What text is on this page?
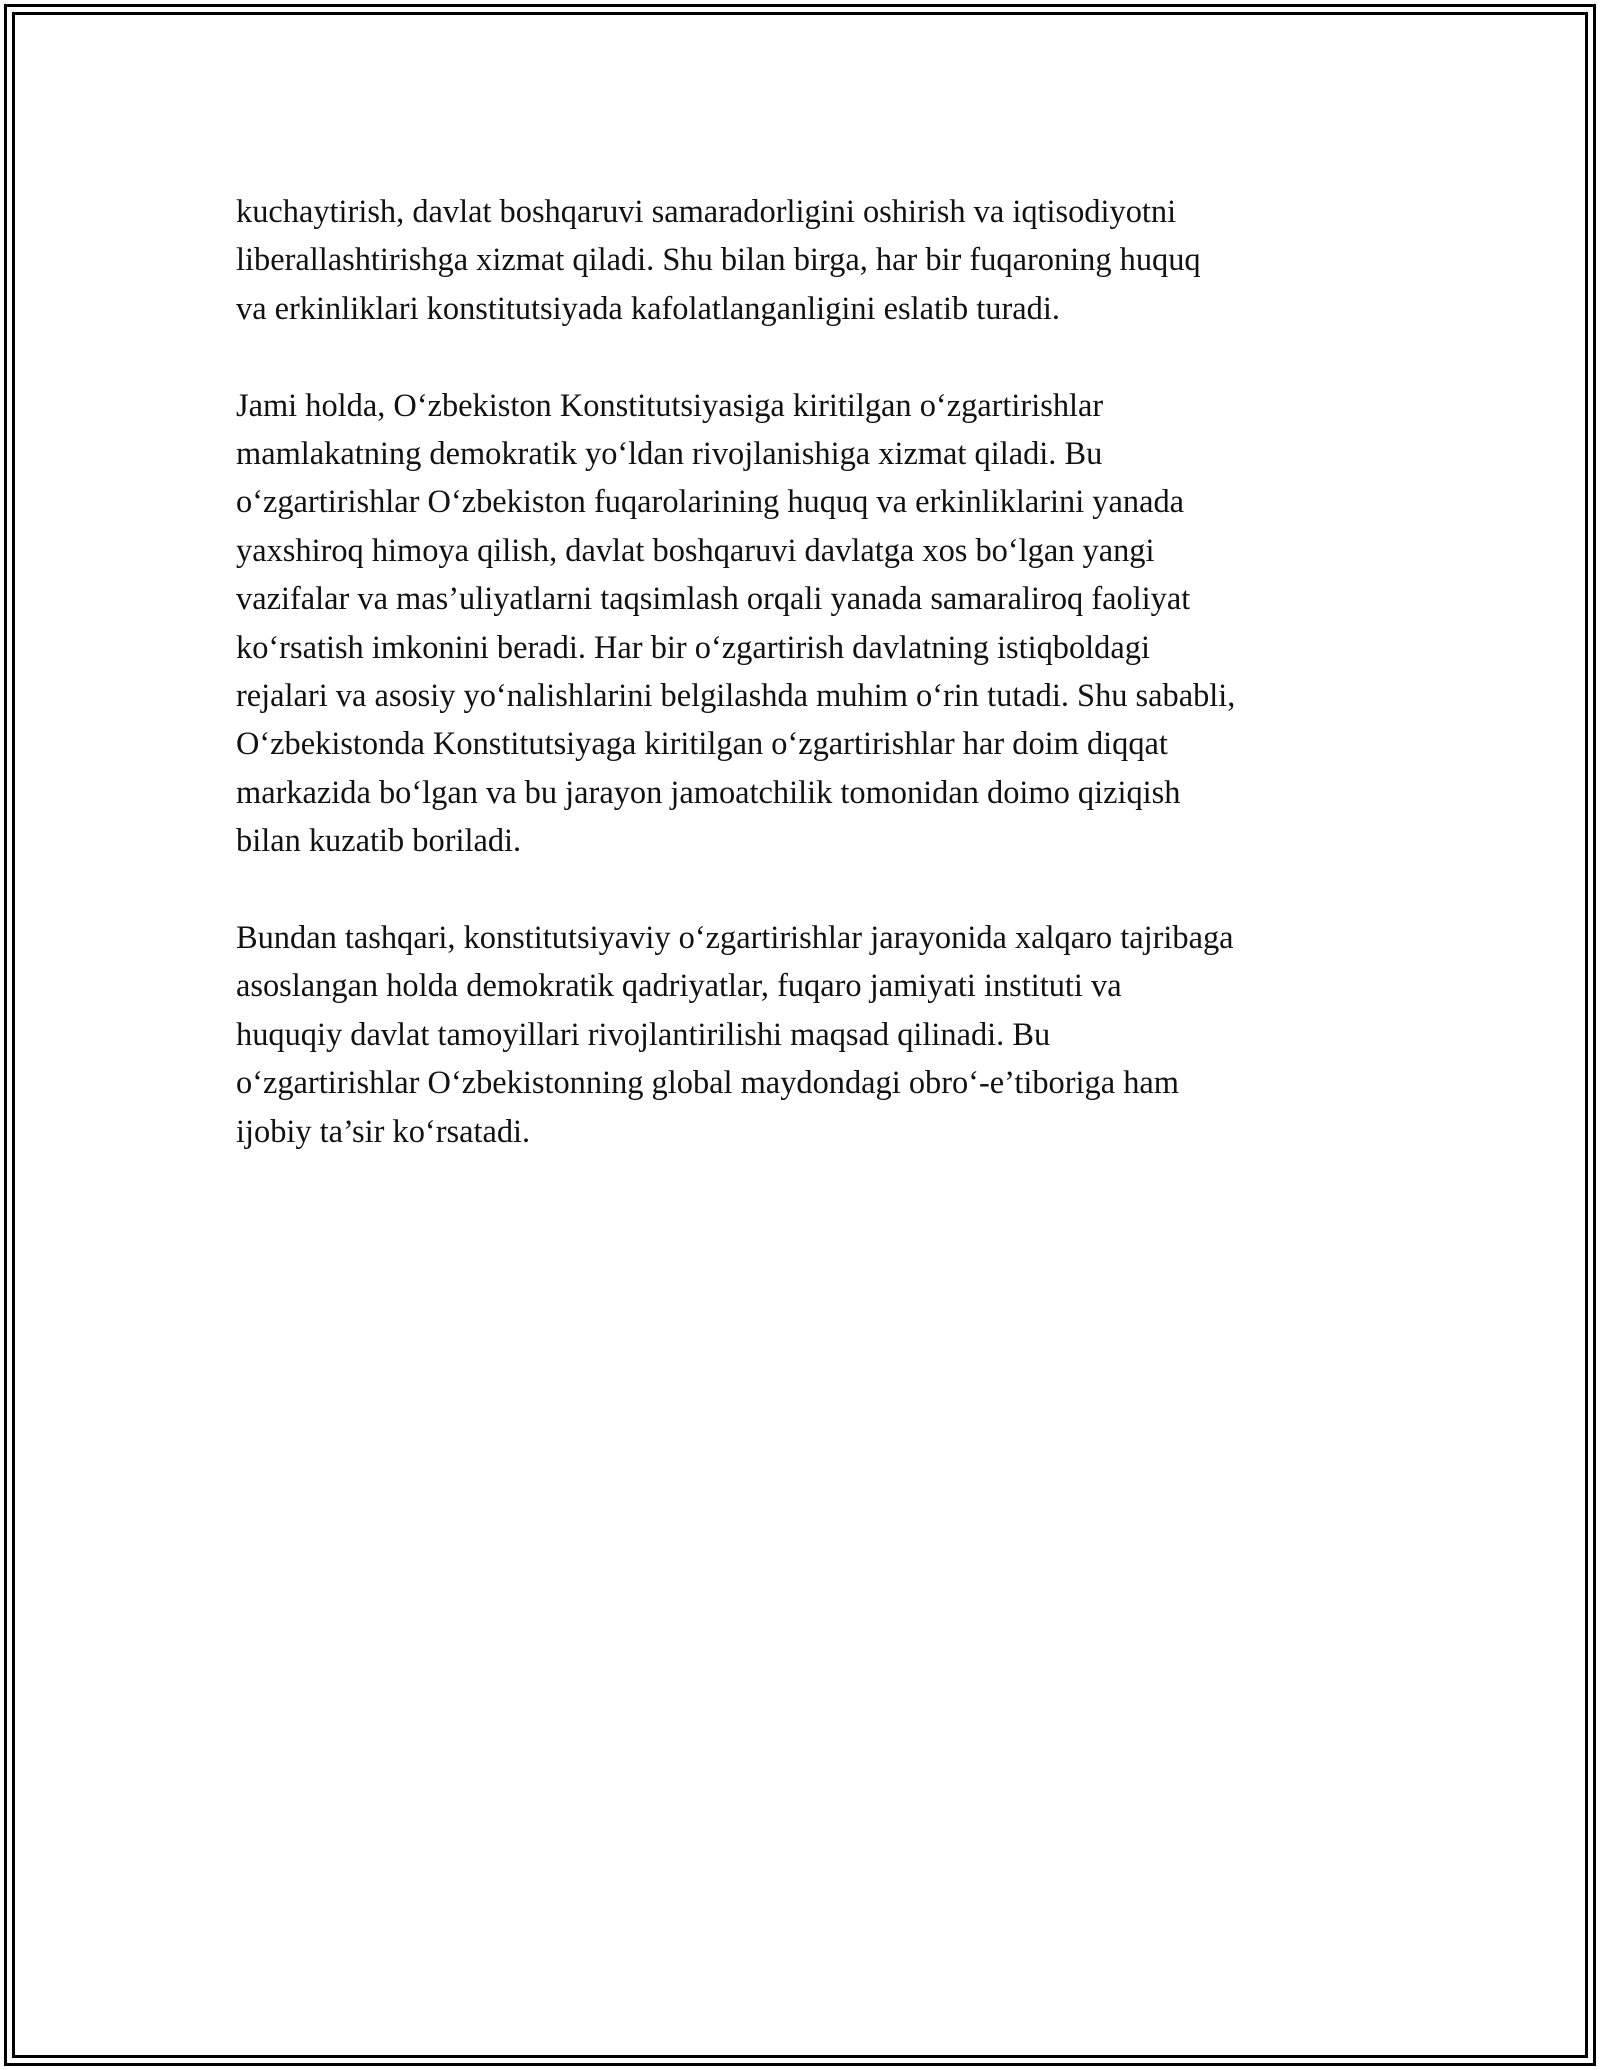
kuchaytirish, davlat boshqaruvi samaradorligini oshirish va iqtisodiyotni
liberallashtirishga xizmat qiladi. Shu bilan birga, har bir fuqaroning huquq
va erkinliklari konstitutsiyada kafolatlanganligini eslatib turadi.

Jami holda, O‘zbekiston Konstitutsiyasiga kiritilgan o‘zgartirishlar
mamlakatning demokratik yo‘ldan rivojlanishiga xizmat qiladi. Bu
o‘zgartirishlar O‘zbekiston fuqarolarining huquq va erkinliklarini yanada
yaxshiroq himoya qilish, davlat boshqaruvi davlatga xos bo‘lgan yangi
vazifalar va mas’uliyatlarni taqsimlash orqali yanada samaraliroq faoliyat
ko‘rsatish imkonini beradi. Har bir o‘zgartirish davlatning istiqboldagi
rejalari va asosiy yo‘nalishlarini belgilashda muhim o‘rin tutadi. Shu sababli,
O‘zbekistonda Konstitutsiyaga kiritilgan o‘zgartirishlar har doim diqqat
markazida bo‘lgan va bu jarayon jamoatchilik tomonidan doimo qiziqish
bilan kuzatib boriladi.

Bundan tashqari, konstitutsiyaviy o‘zgartirishlar jarayonida xalqaro tajribaga
asoslangan holda demokratik qadriyatlar, fuqaro jamiyati instituti va
huquqiy davlat tamoyillari rivojlantirilishi maqsad qilinadi. Bu
o‘zgartirishlar O‘zbekistonning global maydondagi obro‘-e’tiboriga ham
ijobiy ta’sir ko‘rsatadi.
